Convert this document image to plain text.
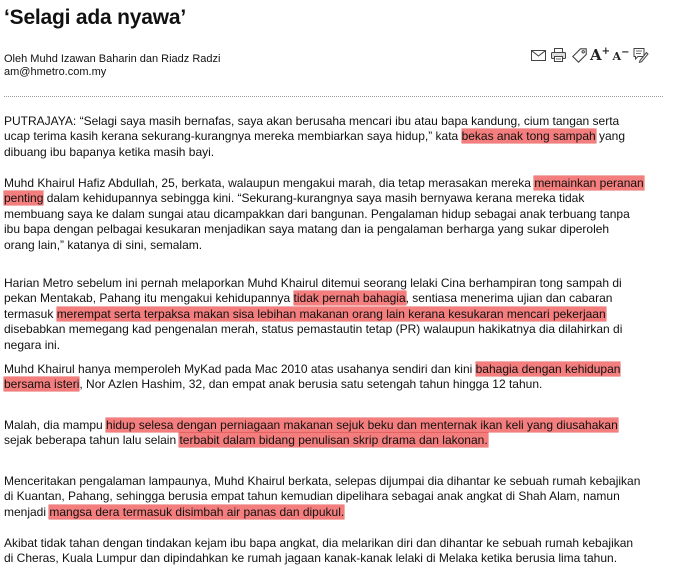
‘Selagi ada nyawa’
Oleh Muhd Izawan Baharin dan Riadz Radzi
am@hmetro.com.my
A + A −
PUTRAJAYA: “Selagi saya masih bernafas, saya akan berusaha mencari ibu atau bapa kandung, cium tangan serta
ucap terima kasih kerana sekurang-kurangnya mereka membiarkan saya hidup,” kata bekas anak tong sampah yang
dibuang ibu bapanya ketika masih bayi.
Muhd Khairul Hafiz Abdullah, 25, berkata, walaupun mengakui marah, dia tetap merasakan mereka memainkan peranan
penting dalam kehidupannya sebingga kini. “Sekurang-kurangnya saya masih bernyawa kerana mereka tidak
membuang saya ke dalam sungai atau dicampakkan dari bangunan. Pengalaman hidup sebagai anak terbuang tanpa
ibu bapa dengan pelbagai kesukaran menjadikan saya matang dan ia pengalaman berharga yang sukar diperoleh
orang lain,” katanya di sini, semalam.
Harian Metro sebelum ini pernah melaporkan Muhd Khairul ditemui seorang lelaki Cina berhampiran tong sampah di
pekan Mentakab, Pahang itu mengakui kehidupannya tidak pernah bahagia, sentiasa menerima ujian dan cabaran
termasuk merempat serta terpaksa makan sisa lebihan makanan orang lain kerana kesukaran mencari pekerjaan
disebabkan memegang kad pengenalan merah, status pemastautin tetap (PR) walaupun hakikatnya dia dilahirkan di
negara ini.
Muhd Khairul hanya memperoleh MyKad pada Mac 2010 atas usahanya sendiri dan kini bahagia dengan kehidupan
bersama isteri, Nor Azlen Hashim, 32, dan empat anak berusia satu setengah tahun hingga 12 tahun.
Malah, dia mampu hidup selesa dengan perniagaan makanan sejuk beku dan menternak ikan keli yang diusahakan
sejak beberapa tahun lalu selain terbabit dalam bidang penulisan skrip drama dan lakonan.
Menceritakan pengalaman lampaunya, Muhd Khairul berkata, selepas dijumpai dia dihantar ke sebuah rumah kebajikan
di Kuantan, Pahang, sehingga berusia empat tahun kemudian dipelihara sebagai anak angkat di Shah Alam, namun
menjadi mangsa dera termasuk disimbah air panas dan dipukul.
Akibat tidak tahan dengan tindakan kejam ibu bapa angkat, dia melarikan diri dan dihantar ke sebuah rumah kebajikan
di Cheras, Kuala Lumpur dan dipindahkan ke rumah jagaan kanak-kanak lelaki di Melaka ketika berusia lima tahun.
